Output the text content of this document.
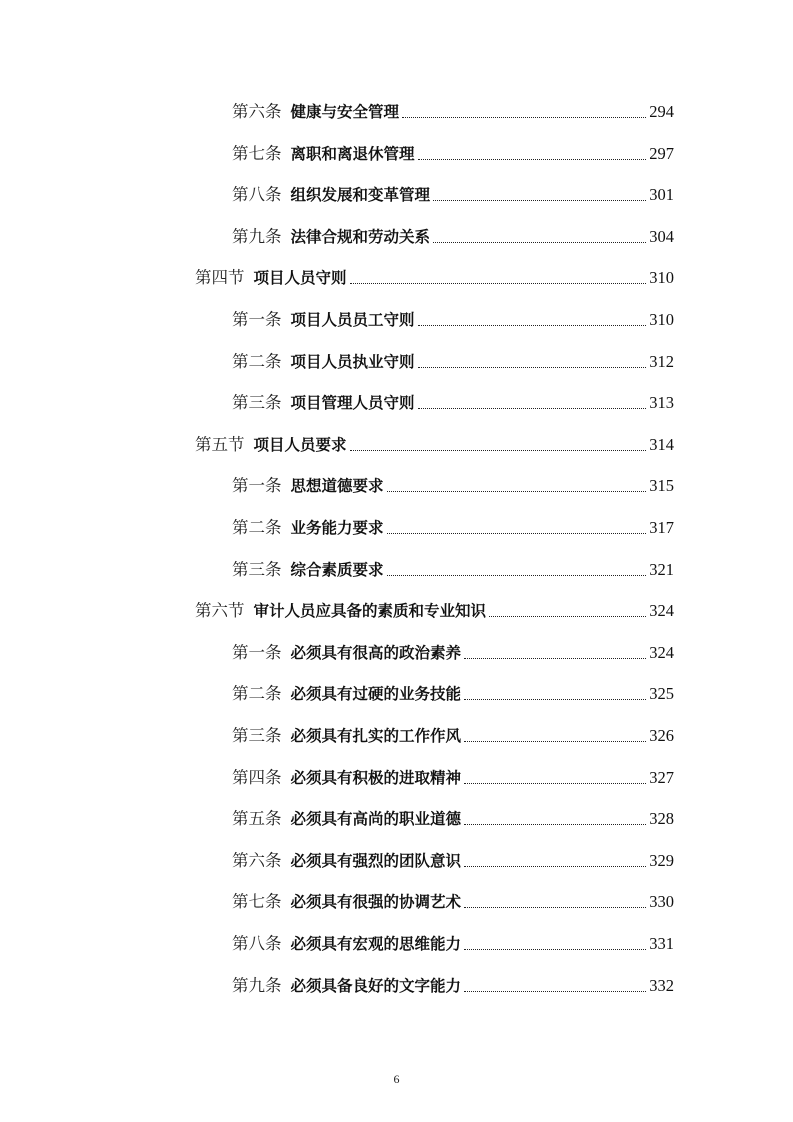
第六条 健康与安全管理	294
第七条 离职和离退休管理	297
第八条 组织发展和变革管理	301
第九条 法律合规和劳动关系	304
第四节 项目人员守则	310
第一条 项目人员员工守则	310
第二条 项目人员执业守则	312
第三条 项目管理人员守则	313
第五节 项目人员要求	314
第一条 思想道德要求	315
第二条 业务能力要求	317
第三条 综合素质要求	321
第六节 审计人员应具备的素质和专业知识	324
第一条 必须具有很高的政治素养	324
第二条 必须具有过硬的业务技能	325
第三条 必须具有扎实的工作作风	326
第四条 必须具有积极的进取精神	327
第五条 必须具有高尚的职业道德	328
第六条 必须具有强烈的团队意识	329
第七条 必须具有很强的协调艺术	330
第八条 必须具有宏观的思维能力	331
第九条 必须具备良好的文字能力	332
6
